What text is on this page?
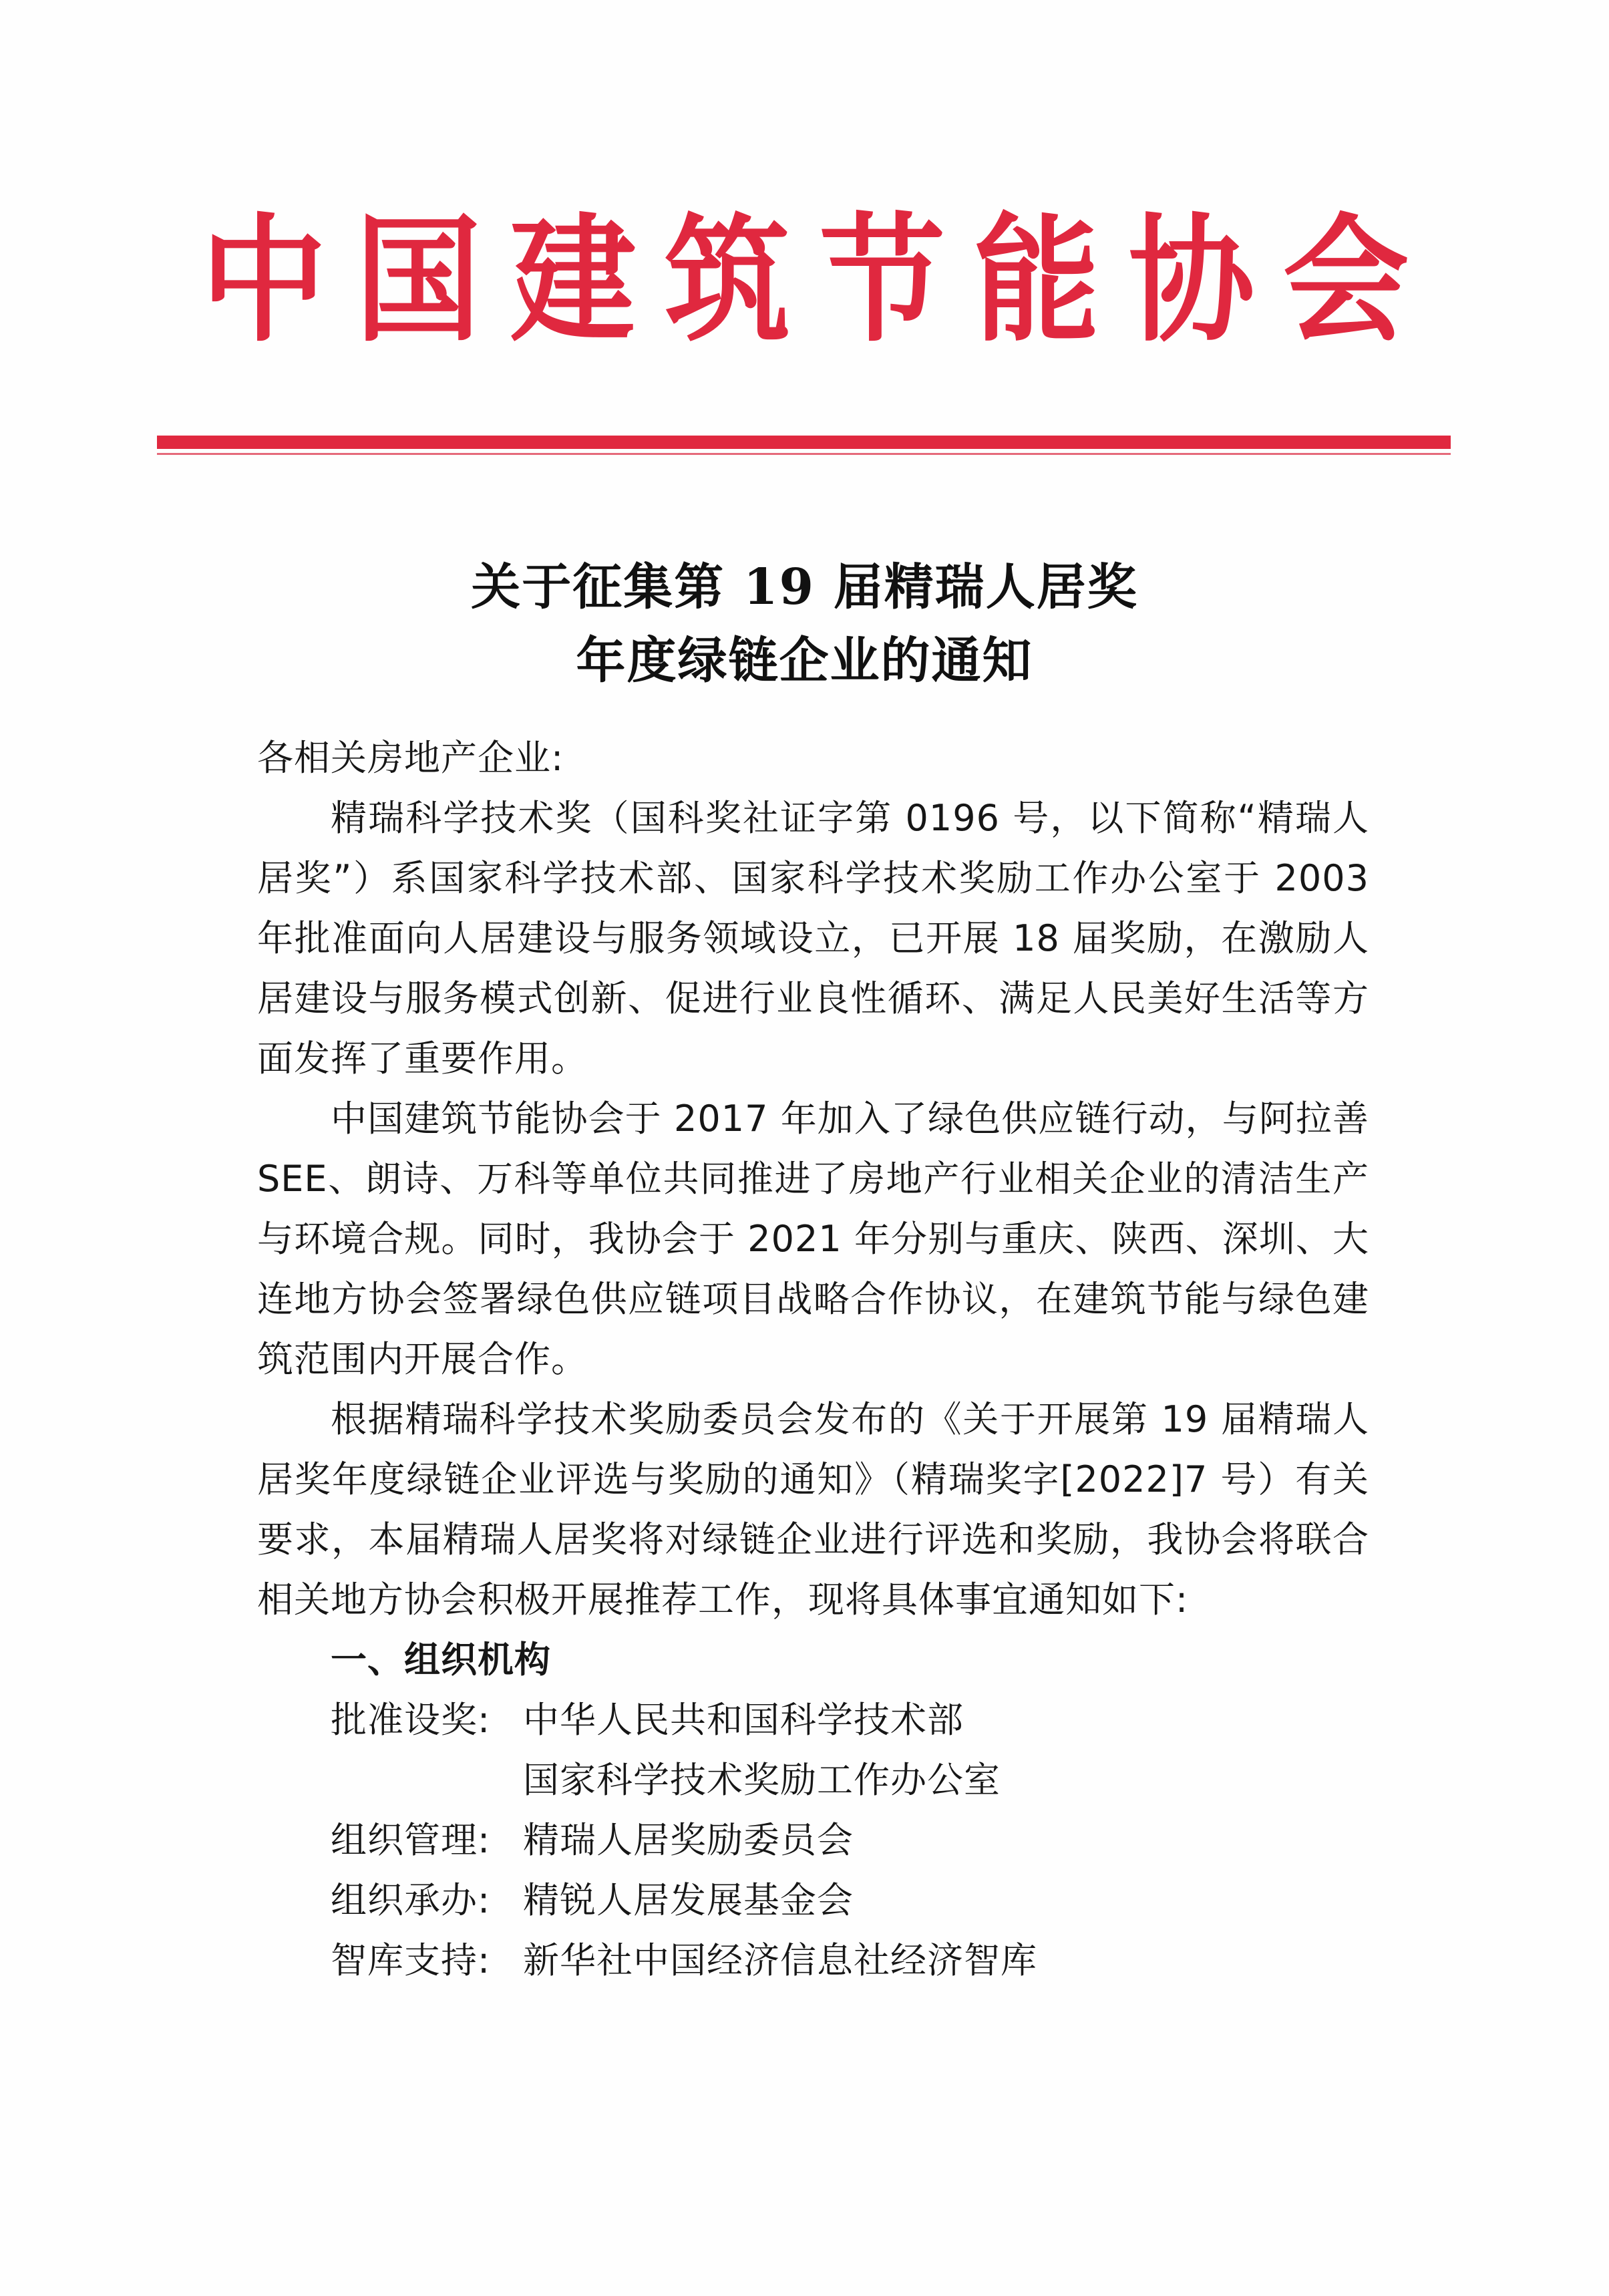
中 国 建 筑 节 能 协 会
关于征集第 19 届精瑞人居奖
年度绿链企业的通知

各相关房地产企业:

精瑞科学技术奖（国科奖社证字第 0196 号，以下简称“精瑞人居奖”）系国家科学技术部、国家科学技术奖励工作办公室于 2003 年批准面向人居建设与服务领域设立，已开展 18 届奖励，在激励人居建设与服务模式创新、促进行业良性循环、满足人民美好生活等方面发挥了重要作用。

中国建筑节能协会于 2017 年加入了绿色供应链行动，与阿拉善 SEE、朗诗、万科等单位共同推进了房地产行业相关企业的清洁生产与环境合规。同时，我协会于 2021 年分别与重庆、陕西、深圳、大连地方协会签署绿色供应链项目战略合作协议，在建筑节能与绿色建筑范围内开展合作。

根据精瑞科学技术奖励委员会发布的《关于开展第 19 届精瑞人居奖年度绿链企业评选与奖励的通知》（精瑞奖字[2022]7 号）有关要求，本届精瑞人居奖将对绿链企业进行评选和奖励，我协会将联合相关地方协会积极开展推荐工作，现将具体事宜通知如下:

一、组织机构

批准设奖: 中华人民共和国科学技术部
国家科学技术奖励工作办公室
组织管理: 精瑞人居奖励委员会
组织承办: 精锐人居发展基金会
智库支持: 新华社中国经济信息社经济智库
